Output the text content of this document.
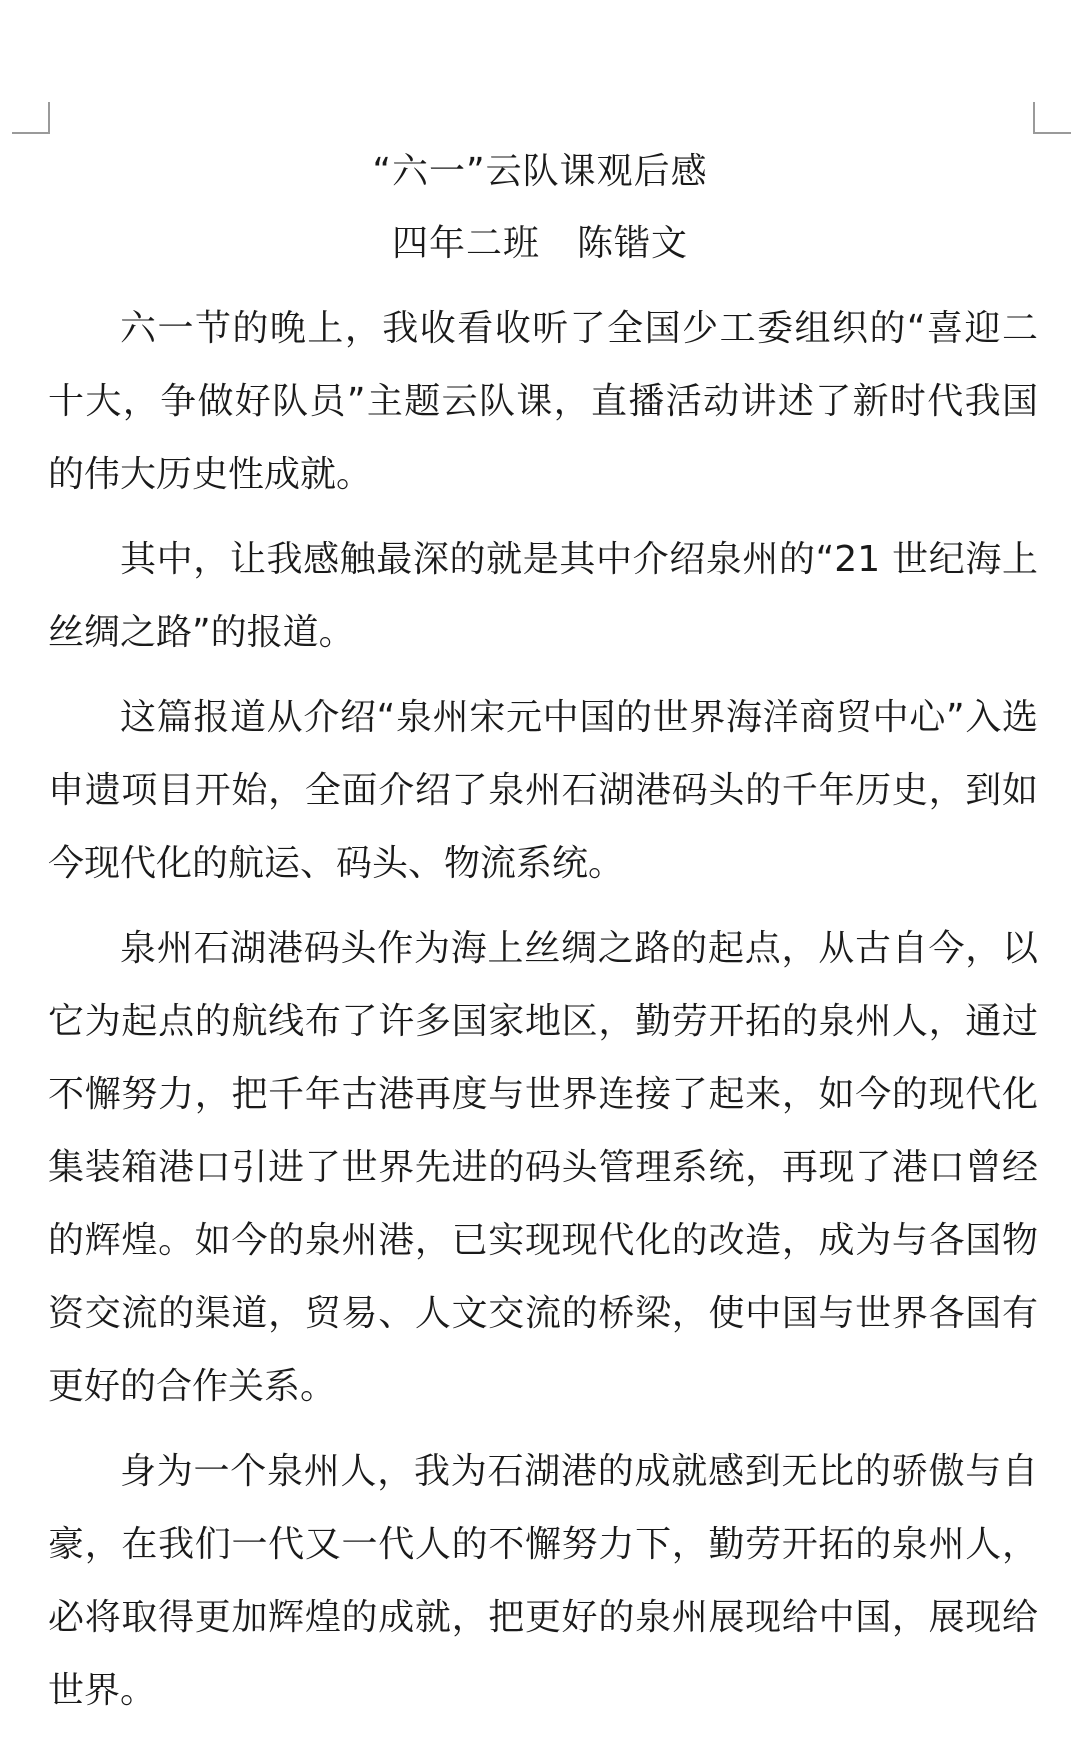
“六一”云队课观后感
四年二班　陈锴文

六一节的晚上，我收看收听了全国少工委组织的“喜迎二十大，争做好队员”主题云队课，直播活动讲述了新时代我国的伟大历史性成就。

其中，让我感触最深的就是其中介绍泉州的“21 世纪海上丝绸之路”的报道。

这篇报道从介绍“泉州宋元中国的世界海洋商贸中心”入选申遗项目开始，全面介绍了泉州石湖港码头的千年历史，到如今现代化的航运、码头、物流系统。

泉州石湖港码头作为海上丝绸之路的起点，从古自今，以它为起点的航线布了许多国家地区，勤劳开拓的泉州人，通过不懈努力，把千年古港再度与世界连接了起来，如今的现代化集装箱港口引进了世界先进的码头管理系统，再现了港口曾经的辉煌。如今的泉州港，已实现现代化的改造，成为与各国物资交流的渠道，贸易、人文交流的桥梁，使中国与世界各国有更好的合作关系。

身为一个泉州人，我为石湖港的成就感到无比的骄傲与自豪，在我们一代又一代人的不懈努力下，勤劳开拓的泉州人，必将取得更加辉煌的成就，把更好的泉州展现给中国，展现给世界。
